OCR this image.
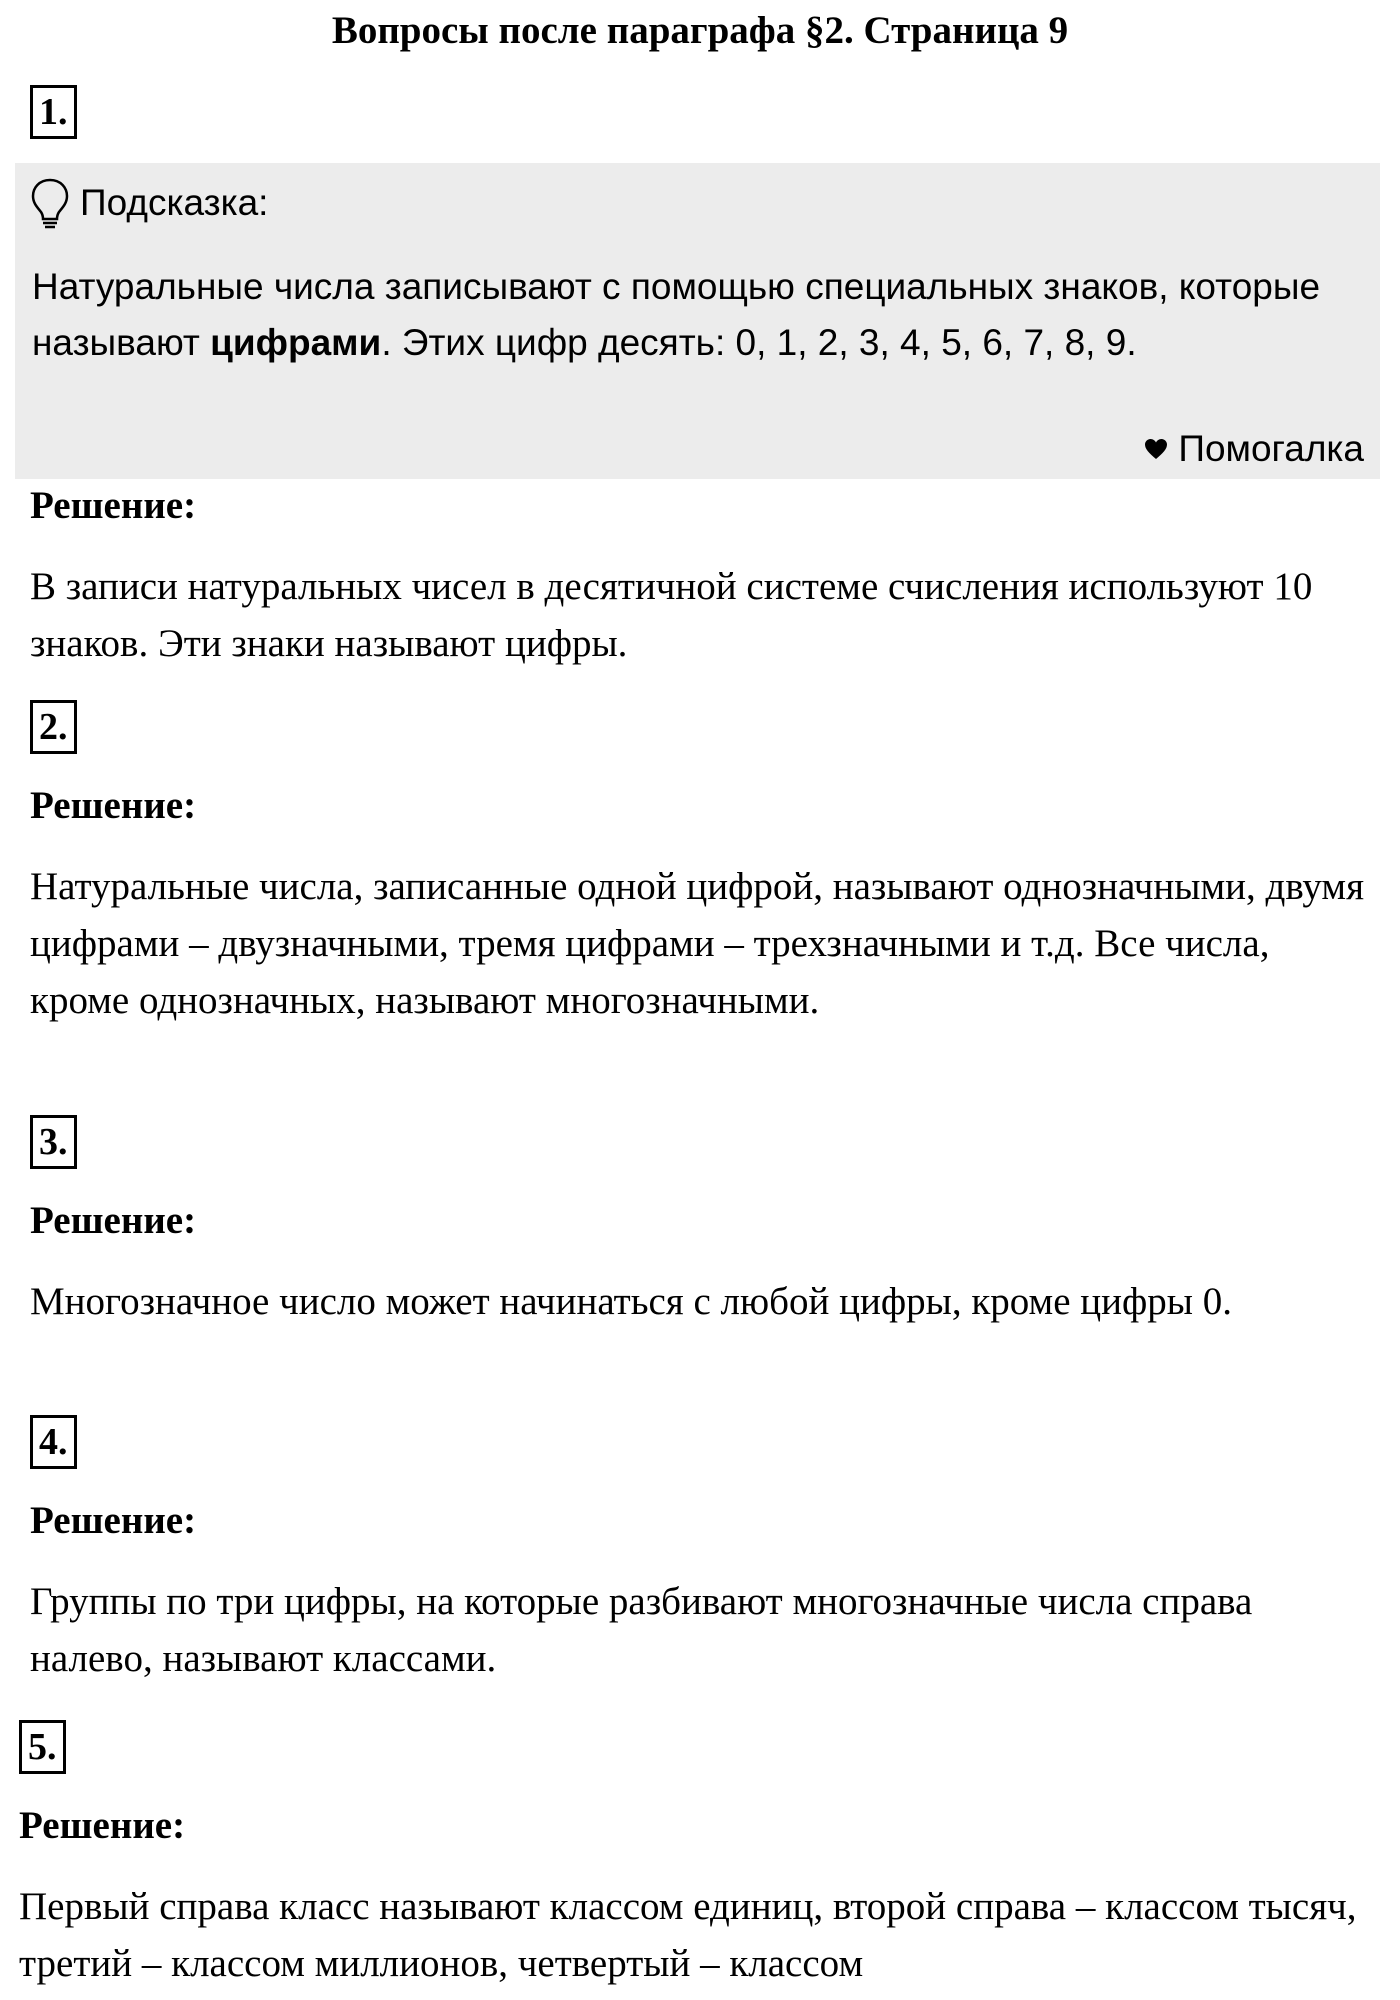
Вопросы после параграфа §2. Страница 9
1.
Подсказка:
Натуральные числа записывают с помощью специальных знаков, которые называют цифрами. Этих цифр десять: 0, 1, 2, 3, 4, 5, 6, 7, 8, 9.
Помогалка
Решение:
В записи натуральных чисел в десятичной системе счисления используют 10 знаков. Эти знаки называют цифры.
2.
Решение:
Натуральные числа, записанные одной цифрой, называют однозначными, двумя цифрами – двузначными, тремя цифрами – трехзначными и т.д. Все числа, кроме однозначных, называют многозначными.
3.
Решение:
Многозначное число может начинаться с любой цифры, кроме цифры 0.
4.
Решение:
Группы по три цифры, на которые разбивают многозначные числа справа налево, называют классами.
5.
Решение:
Первый справа класс называют классом единиц, второй справа – классом тысяч, третий – классом миллионов, четвертый – классом
